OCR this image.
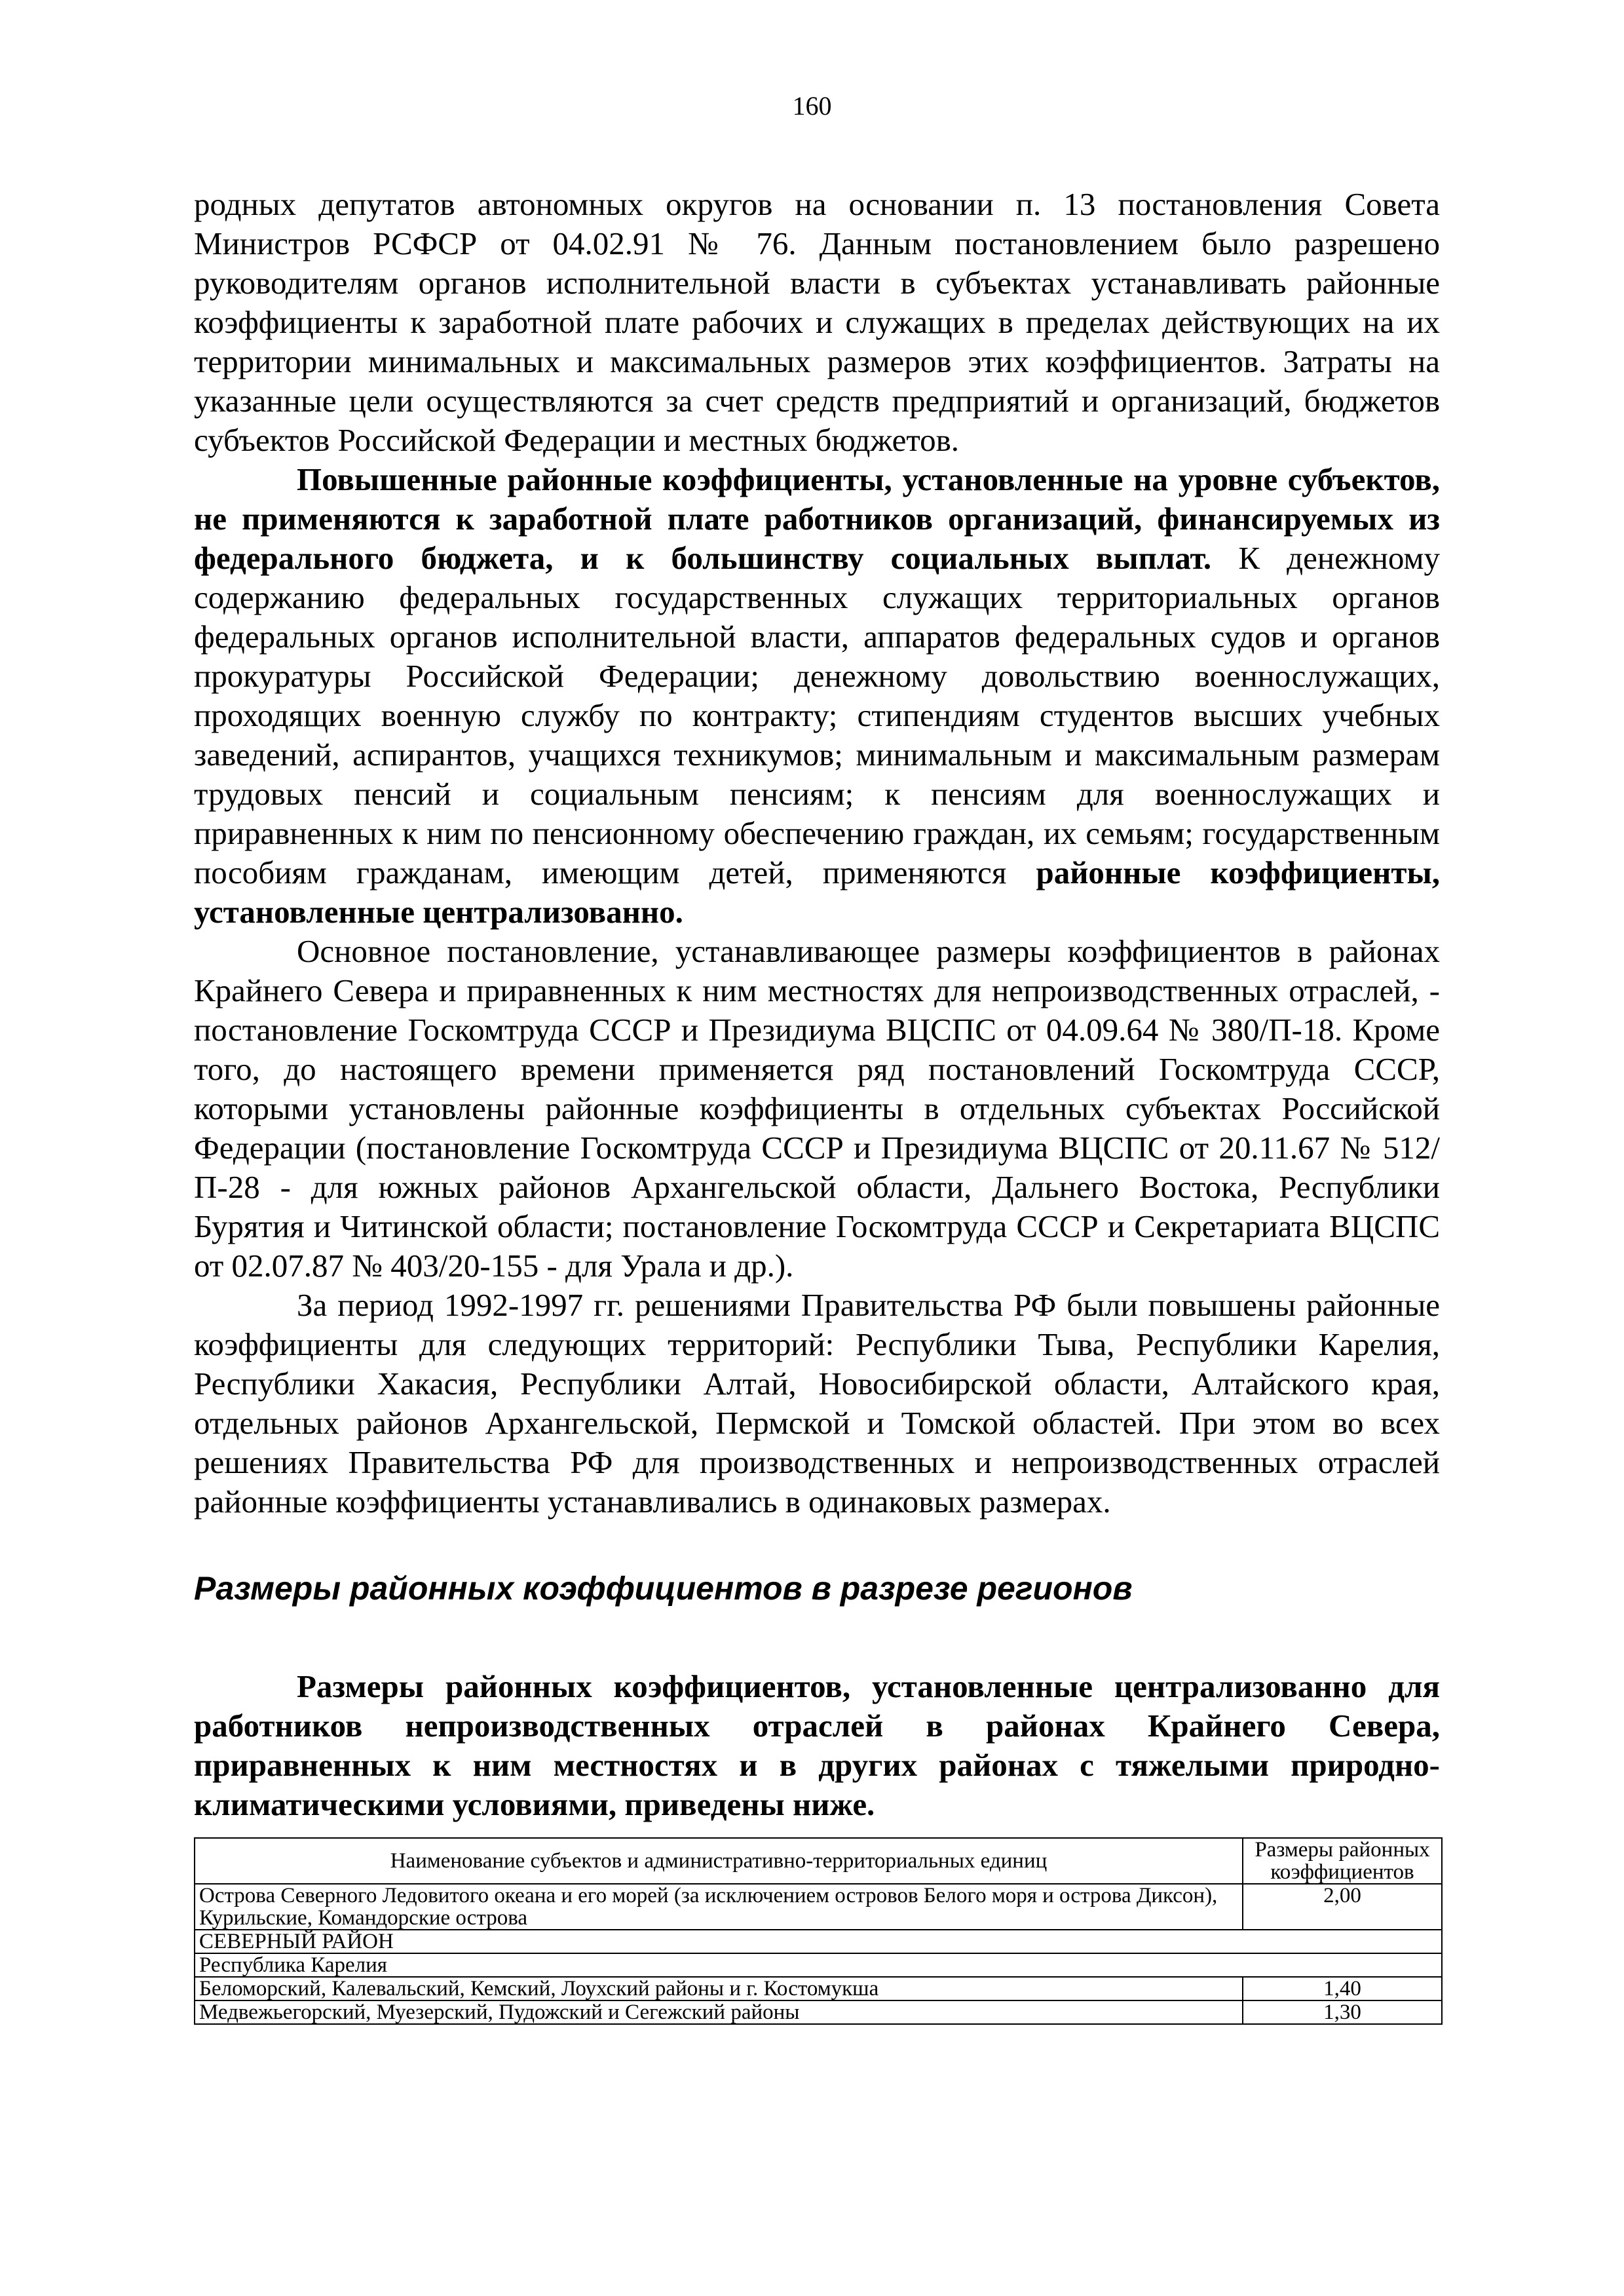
160

родных депутатов автономных округов на основании п. 13 постановления Совета Министров РСФСР от 04.02.91 № 76. Данным постановлением было разрешено руководителям органов исполнительной власти в субъектах устанавливать районные коэффициенты к заработной плате рабочих и служащих в пределах действующих на их территории минимальных и максимальных размеров этих коэффициентов. Затраты на указанные цели осуществляются за счет средств предприятий и организаций, бюджетов субъектов Российской Федерации и местных бюджетов.

Повышенные районные коэффициенты, установленные на уровне субъектов, не применяются к заработной плате работников организаций, финансируемых из федерального бюджета, и к большинству социальных выплат. К денежному содержанию федеральных государственных служащих территориальных органов федеральных органов исполнительной власти, аппаратов федеральных судов и органов прокуратуры Российской Федерации; денежному довольствию военнослужащих, проходящих военную службу по контракту; стипендиям студентов высших учебных заведений, аспирантов, учащихся техникумов; минимальным и максимальным размерам трудовых пенсий и социальным пенсиям; к пенсиям для военнослужащих и приравненных к ним по пенсионному обеспечению граждан, их семьям; государственным пособиям гражданам, имеющим детей, применяются районные коэффициенты, установленные централизованно.

Основное постановление, устанавливающее размеры коэффициентов в районах Крайнего Севера и приравненных к ним местностях для непроизводственных отраслей, - постановление Госкомтруда СССР и Президиума ВЦСПС от 04.09.64 № 380/П-18. Кроме того, до настоящего времени применяется ряд постановлений Госкомтруда СССР, которыми установлены районные коэффициенты в отдельных субъектах Российской Федерации (постановление Госкомтруда СССР и Президиума ВЦСПС от 20.11.67 № 512/П-28 - для южных районов Архангельской области, Дальнего Востока, Республики Бурятия и Читинской области; постановление Госкомтруда СССР и Секретариата ВЦСПС от 02.07.87 № 403/20-155 - для Урала и др.).

За период 1992-1997 гг. решениями Правительства РФ были повышены районные коэффициенты для следующих территорий: Республики Тыва, Республики Карелия, Республики Хакасия, Республики Алтай, Новосибирской области, Алтайского края, отдельных районов Архангельской, Пермской и Томской областей. При этом во всех решениях Правительства РФ для производственных и непроизводственных отраслей районные коэффициенты устанавливались в одинаковых размерах.

Размеры районных коэффициентов в разрезе регионов

Размеры районных коэффициентов, установленные централизованно для работников непроизводственных отраслей в районах Крайнего Севера, приравненных к ним местностях и в других районах с тяжелыми природно-климатическими условиями, приведены ниже.

Наименование субъектов и административно-территориальных единиц	Размеры районных коэффициентов
Острова Северного Ледовитого океана и его морей (за исключением островов Белого моря и острова Диксон), Курильские, Командорские острова	2,00
СЕВЕРНЫЙ РАЙОН	
Республика Карелия	
Беломорский, Калевальский, Кемский, Лоухский районы и г. Костомукша	1,40
Медвежьегорский, Муезерский, Пудожский и Сегежский районы	1,30
